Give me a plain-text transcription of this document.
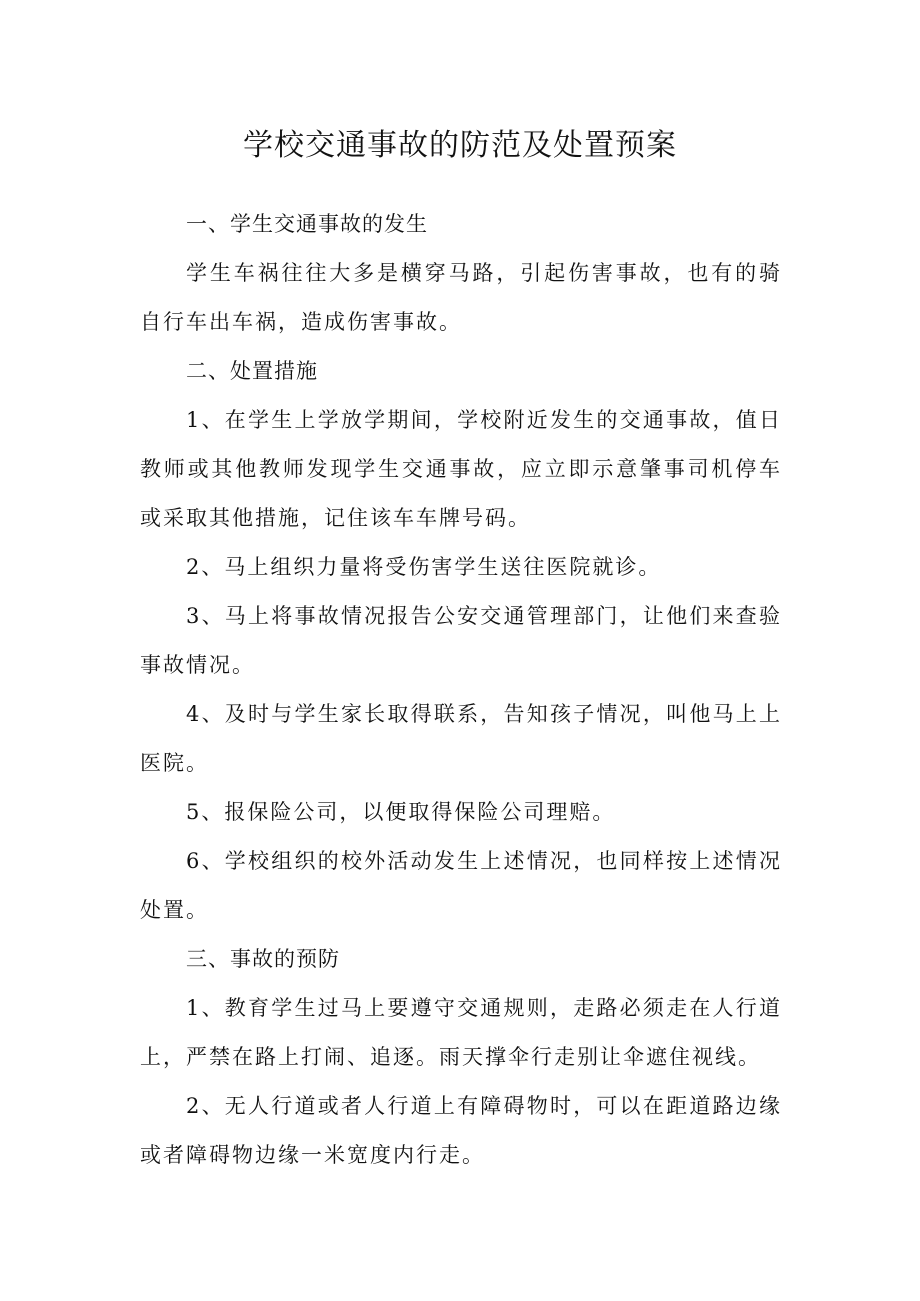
学校交通事故的防范及处置预案
一、学生交通事故的发生

学生车祸往往大多是横穿马路，引起伤害事故，也有的骑自行车出车祸，造成伤害事故。

二、处置措施

1、在学生上学放学期间，学校附近发生的交通事故，值日教师或其他教师发现学生交通事故，应立即示意肇事司机停车或采取其他措施，记住该车车牌号码。

2、马上组织力量将受伤害学生送往医院就诊。

3、马上将事故情况报告公安交通管理部门，让他们来查验事故情况。

4、及时与学生家长取得联系，告知孩子情况，叫他马上上医院。

5、报保险公司，以便取得保险公司理赔。

6、学校组织的校外活动发生上述情况，也同样按上述情况处置。

三、事故的预防

1、教育学生过马上要遵守交通规则，走路必须走在人行道上，严禁在路上打闹、追逐。雨天撑伞行走别让伞遮住视线。

2、无人行道或者人行道上有障碍物时，可以在距道路边缘或者障碍物边缘一米宽度内行走。
